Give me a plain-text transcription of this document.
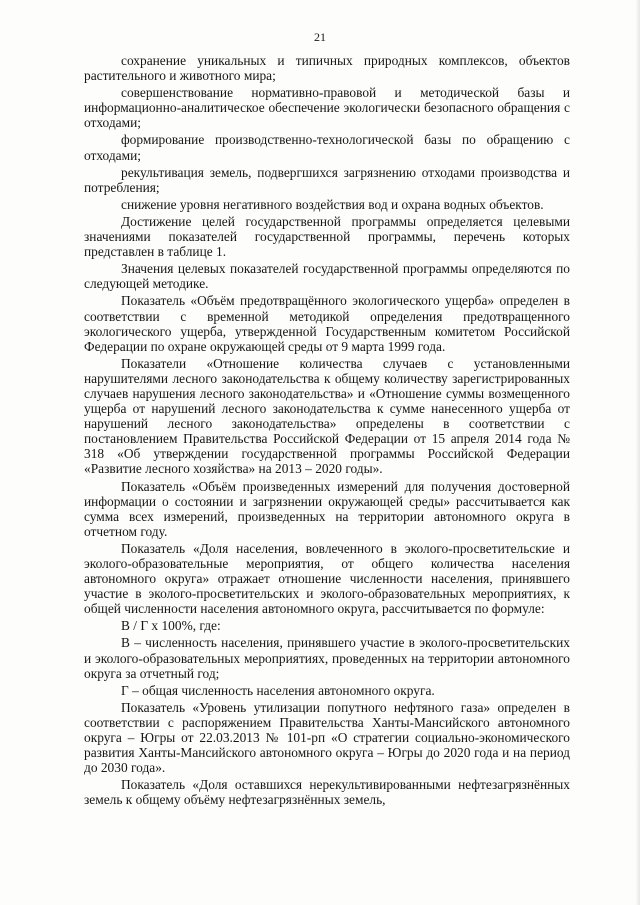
21

сохранение уникальных и типичных природных комплексов, объектов растительного и животного мира;

совершенствование нормативно-правовой и методической базы и информационно-аналитическое обеспечение экологически безопасного обращения с отходами;

формирование производственно-технологической базы по обращению с отходами;

рекультивация земель, подвергшихся загрязнению отходами производства и потребления;

снижение уровня негативного воздействия вод и охрана водных объектов.

Достижение целей государственной программы определяется целевыми значениями показателей государственной программы, перечень которых представлен в таблице 1.

Значения целевых показателей государственной программы определяются по следующей методике.

Показатель «Объём предотвращённого экологического ущерба» определен в соответствии с временной методикой определения предотвращенного экологического ущерба, утвержденной Государственным комитетом Российской Федерации по охране окружающей среды от 9 марта 1999 года.

Показатели «Отношение количества случаев с установленными нарушителями лесного законодательства к общему количеству зарегистрированных случаев нарушения лесного законодательства» и «Отношение суммы возмещенного ущерба от нарушений лесного законодательства к сумме нанесенного ущерба от нарушений лесного законодательства» определены в соответствии с постановлением Правительства Российской Федерации от 15 апреля 2014 года № 318 «Об утверждении государственной программы Российской Федерации «Развитие лесного хозяйства» на 2013 – 2020 годы».

Показатель «Объём произведенных измерений для получения достоверной информации о состоянии и загрязнении окружающей среды» рассчитывается как сумма всех измерений, произведенных на территории автономного округа в отчетном году.

Показатель «Доля населения, вовлеченного в эколого-просветительские и эколого-образовательные мероприятия, от общего количества населения автономного округа» отражает отношение численности населения, принявшего участие в эколого-просветительских и эколого-образовательных мероприятиях, к общей численности населения автономного округа, рассчитывается по формуле:

В / Г х 100%, где:

В – численность населения, принявшего участие в эколого-просветительских и эколого-образовательных мероприятиях, проведенных на территории автономного округа за отчетный год;

Г – общая численность населения автономного округа.

Показатель «Уровень утилизации попутного нефтяного газа» определен в соответствии с распоряжением Правительства Ханты-Мансийского автономного округа – Югры от 22.03.2013 № 101-рп «О стратегии социально-экономического развития Ханты-Мансийского автономного округа – Югры до 2020 года и на период до 2030 года».

Показатель «Доля оставшихся нерекультивированными нефтезагрязнённых земель к общему объёму нефтезагрязнённых земель,
